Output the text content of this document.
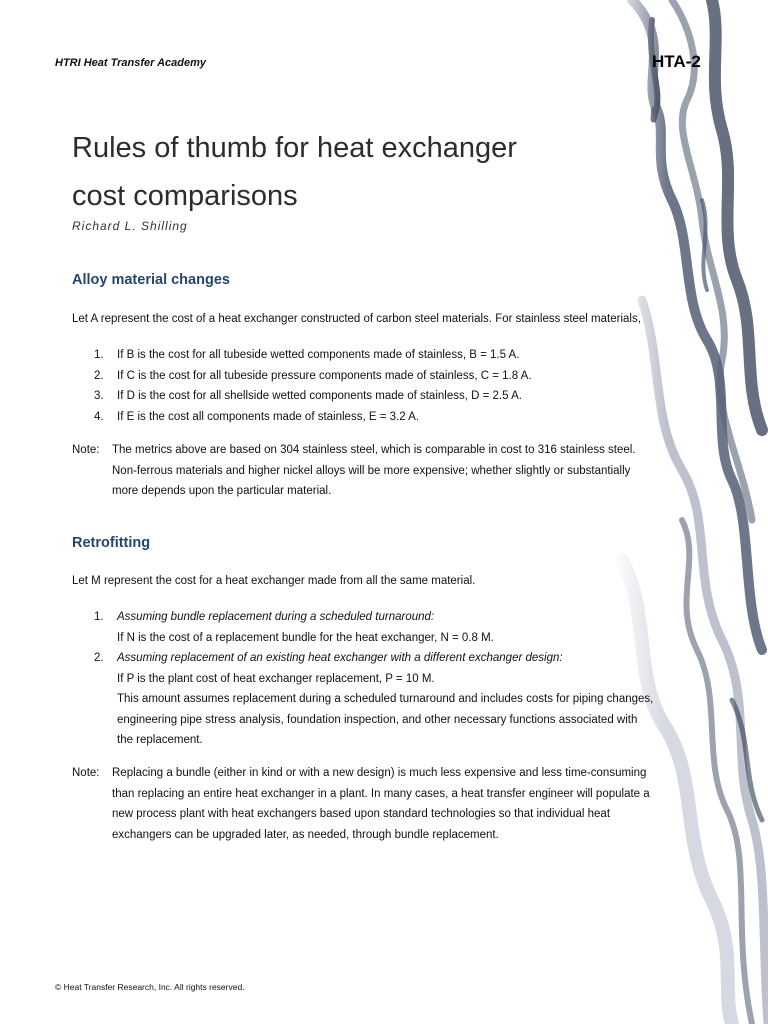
HTRI Heat Transfer Academy	HTA-2
Rules of thumb for heat exchanger
cost comparisons
Richard L. Shilling
Alloy material changes
Let A represent the cost of a heat exchanger constructed of carbon steel materials. For stainless steel materials,
1. If B is the cost for all tubeside wetted components made of stainless, B = 1.5 A.
2. If C is the cost for all tubeside pressure components made of stainless, C = 1.8 A.
3. If D is the cost for all shellside wetted components made of stainless, D = 2.5 A.
4. If E is the cost all components made of stainless, E = 3.2 A.
Note: The metrics above are based on 304 stainless steel, which is comparable in cost to 316 stainless steel.
Non-ferrous materials and higher nickel alloys will be more expensive; whether slightly or substantially
more depends upon the particular material.
Retrofitting
Let M represent the cost for a heat exchanger made from all the same material.
1. Assuming bundle replacement during a scheduled turnaround:
If N is the cost of a replacement bundle for the heat exchanger, N = 0.8 M.
2. Assuming replacement of an existing heat exchanger with a different exchanger design:
If P is the plant cost of heat exchanger replacement, P = 10 M.
This amount assumes replacement during a scheduled turnaround and includes costs for piping changes,
engineering pipe stress analysis, foundation inspection, and other necessary functions associated with
the replacement.
Note: Replacing a bundle (either in kind or with a new design) is much less expensive and less time-consuming
than replacing an entire heat exchanger in a plant. In many cases, a heat transfer engineer will populate a
new process plant with heat exchangers based upon standard technologies so that individual heat
exchangers can be upgraded later, as needed, through bundle replacement.
© Heat Transfer Research, Inc. All rights reserved.
